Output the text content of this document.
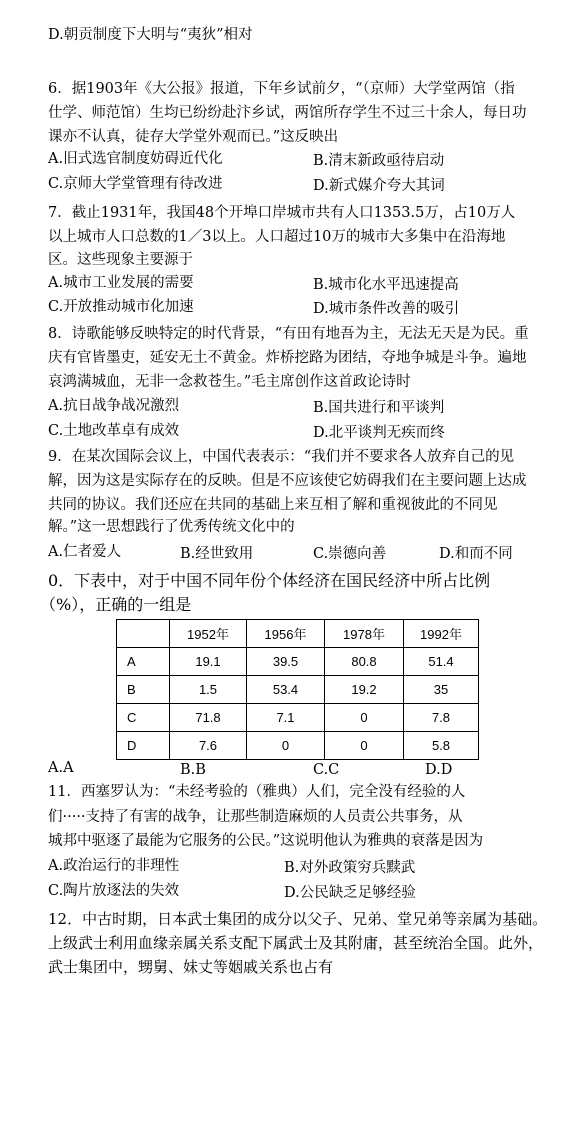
D.朝贡制度下大明与“夷狄”相对
6．据1903年《大公报》报道，下年乡试前夕，“（京师）大学堂两馆（指
仕学、师范馆）生均已纷纷赴汴乡试，两馆所存学生不过三十余人，每日功
课亦不认真，徒存大学堂外观而已。”这反映出
A.旧式选官制度妨碍近代化	B.清末新政亟待启动
C.京师大学堂管理有待改进	D.新式媒介夸大其词
7．截止1931年，我国48个开埠口岸城市共有人口1353.5万，占10万人
以上城市人口总数的1／3以上。人口超过10万的城市大多集中在沿海地
区。这些现象主要源于
A.城市工业发展的需要	B.城市化水平迅速提高
C.开放推动城市化加速	D.城市条件改善的吸引
8．诗歌能够反映特定的时代背景，“有田有地吾为主，无法无天是为民。重
庆有官皆墨吏，延安无土不黄金。炸桥挖路为团结，夺地争城是斗争。遍地
哀鸿满城血，无非一念救苍生。”毛主席创作这首政论诗时
A.抗日战争战况激烈	B.国共进行和平谈判
C.土地改革卓有成效	D.北平谈判无疾而终
9．在某次国际会议上，中国代表表示：“我们并不要求各人放弃自己的见
解，因为这是实际存在的反映。但是不应该使它妨碍我们在主要问题上达成
共同的协议。我们还应在共同的基础上来互相了解和重视彼此的不同见
解。”这一思想践行了优秀传统文化中的
A.仁者爱人	B.经世致用	C.崇德向善	D.和而不同
0．下表中，对于中国不同年份个体经济在国民经济中所占比例
（%），正确的一组是
	1952年	1956年	1978年	1992年
A	19.1	39.5	80.8	51.4
B	1.5	53.4	19.2	35
C	71.8	7.1	0	7.8
D	7.6	0	0	5.8
A.A	B.B	C.C	D.D
11．西塞罗认为：“未经考验的（雅典）人们，完全没有经验的人
们·····支持了有害的战争，让那些制造麻烦的人员责公共事务，从
城邦中驱逐了最能为它服务的公民。”这说明他认为雅典的衰落是因为
A.政治运行的非理性	B.对外政策穷兵黩武
C.陶片放逐法的失效	D.公民缺乏足够经验
12．中古时期，日本武士集团的成分以父子、兄弟、堂兄弟等亲属为基础。
上级武士利用血缘亲属关系支配下属武士及其附庸，甚至统治全国。此外，
武士集团中，甥舅、妹丈等姻戚关系也占有
